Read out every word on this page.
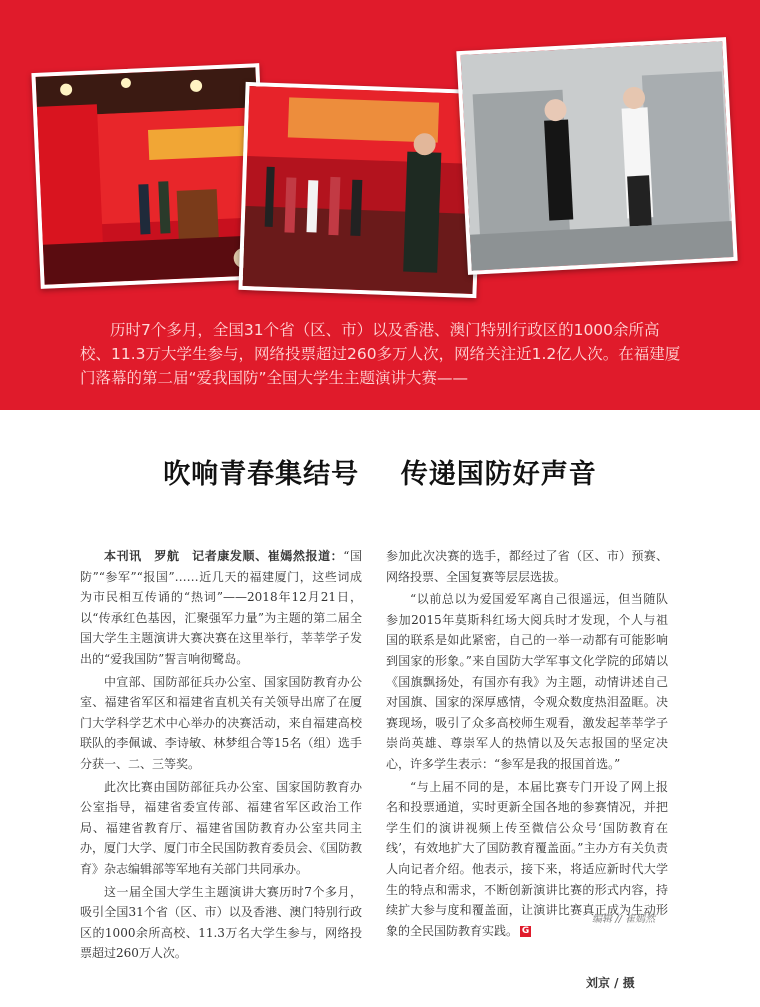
历时7个多月，全国31个省（区、市）以及香港、澳门特别行政区的1000余所高校、11.3万大学生参与，网络投票超过260多万人次，网络关注近1.2亿人次。在福建厦门落幕的第二届“爱我国防”全国大学生主题演讲大赛——

吹响青春集结号    传递国防好声音

本刊讯　罗航　记者康发顺、崔嫣然报道：“国防”“参军”“报国”……近几天的福建厦门，这些词成为市民相互传诵的“热词”——2018年12月21日，以“传承红色基因，汇聚强军力量”为主题的第二届全国大学生主题演讲大赛决赛在这里举行，莘莘学子发出的“爱我国防”誓言响彻鹭岛。

中宣部、国防部征兵办公室、国家国防教育办公室、福建省军区和福建省直机关有关领导出席了在厦门大学科学艺术中心举办的决赛活动，来自福建高校联队的李佩诚、李诗敏、林梦组合等15名（组）选手分获一、二、三等奖。

此次比赛由国防部征兵办公室、国家国防教育办公室指导，福建省委宣传部、福建省军区政治工作局、福建省教育厅、福建省国防教育办公室共同主办，厦门大学、厦门市全民国防教育委员会、《国防教育》杂志编辑部等军地有关部门共同承办。

这一届全国大学生主题演讲大赛历时7个多月，吸引全国31个省（区、市）以及香港、澳门特别行政区的1000余所高校、11.3万名大学生参与，网络投票超过260万人次。

参加此次决赛的选手，都经过了省（区、市）预赛、网络投票、全国复赛等层层选拔。

“以前总以为爱国爱军离自己很遥远，但当随队参加2015年莫斯科红场大阅兵时才发现，个人与祖国的联系是如此紧密，自己的一举一动都有可能影响到国家的形象。”来自国防大学军事文化学院的邱婧以《国旗飘扬处，有国亦有我》为主题，动情讲述自己对国旗、国家的深厚感情，令观众数度热泪盈眶。决赛现场，吸引了众多高校师生观看，激发起莘莘学子崇尚英雄、尊崇军人的热情以及矢志报国的坚定决心，许多学生表示：“参军是我的报国首选。”

“与上届不同的是，本届比赛专门开设了网上报名和投票通道，实时更新全国各地的参赛情况，并把学生们的演讲视频上传至微信公众号‘国防教育在线’，有效地扩大了国防教育覆盖面。”主办方有关负责人向记者介绍。他表示，接下来，将适应新时代大学生的特点和需求，不断创新演讲比赛的形式内容，持续扩大参与度和覆盖面，让演讲比赛真正成为生动形象的全民国防教育实践。 G

编辑 // 崔嫣然
刘京 / 摄
